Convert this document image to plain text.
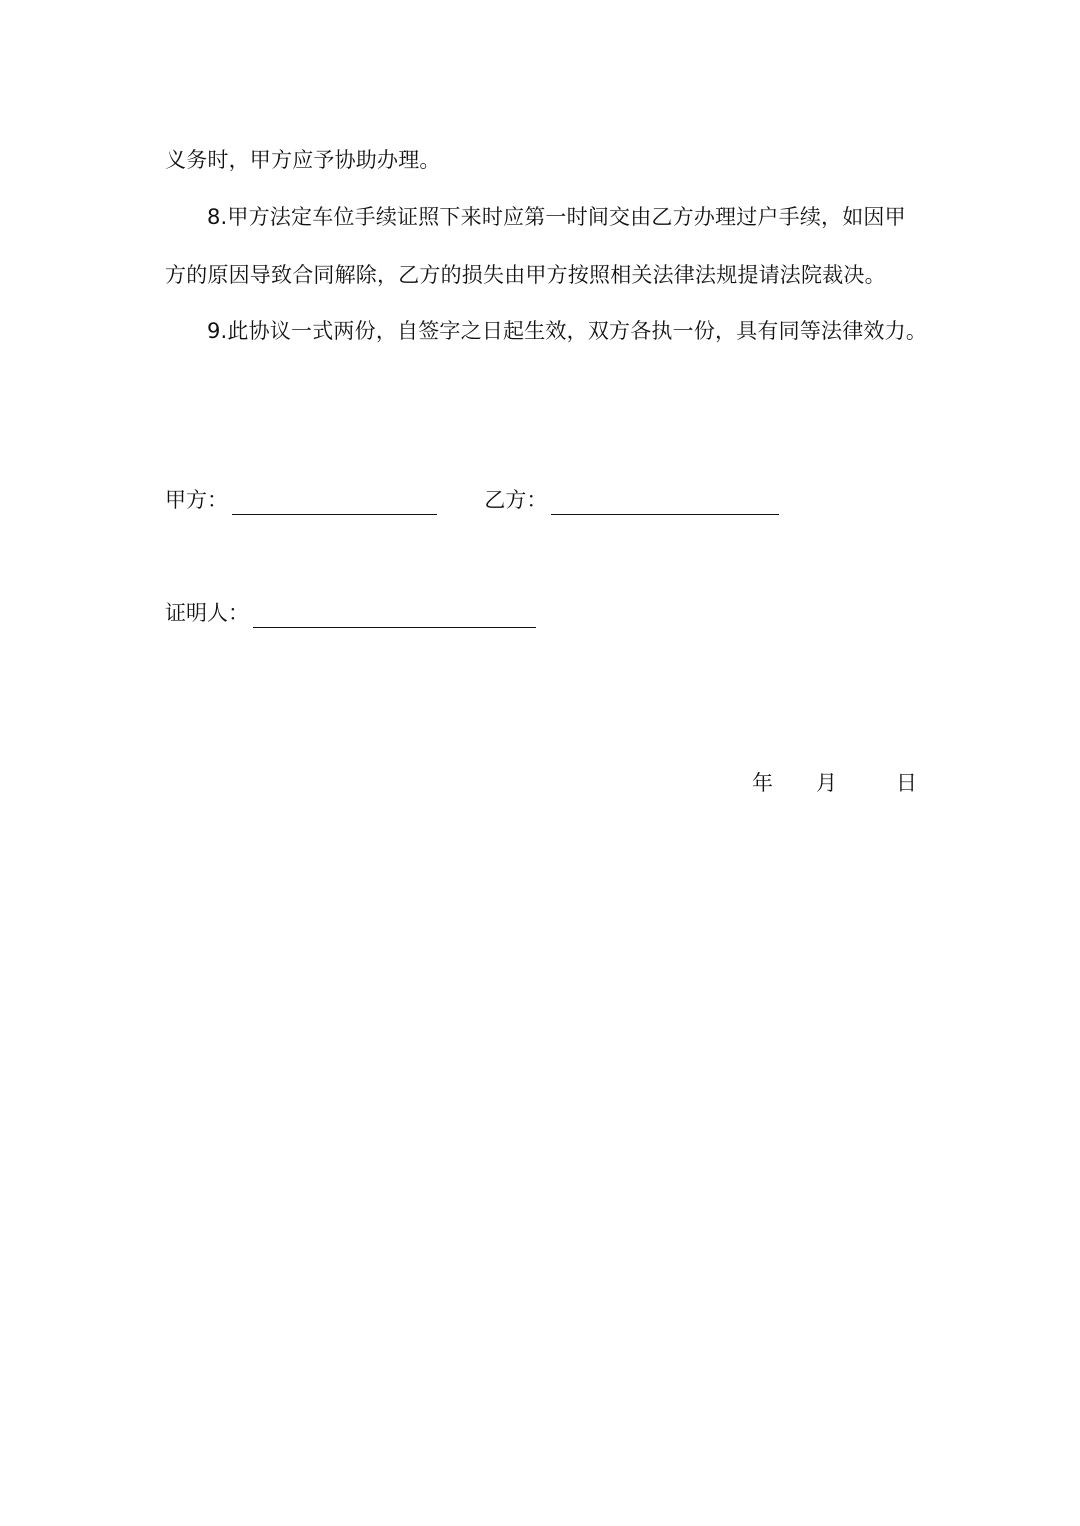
义务时，甲方应予协助办理。

8.甲方法定车位手续证照下来时应第一时间交由乙方办理过户手续，如因甲
方的原因导致合同解除，乙方的损失由甲方按照相关法律法规提请法院裁决。

9.此协议一式两份，自签字之日起生效，双方各执一份，具有同等法律效力。

甲方：	乙方：
证明人：
年 月	日
